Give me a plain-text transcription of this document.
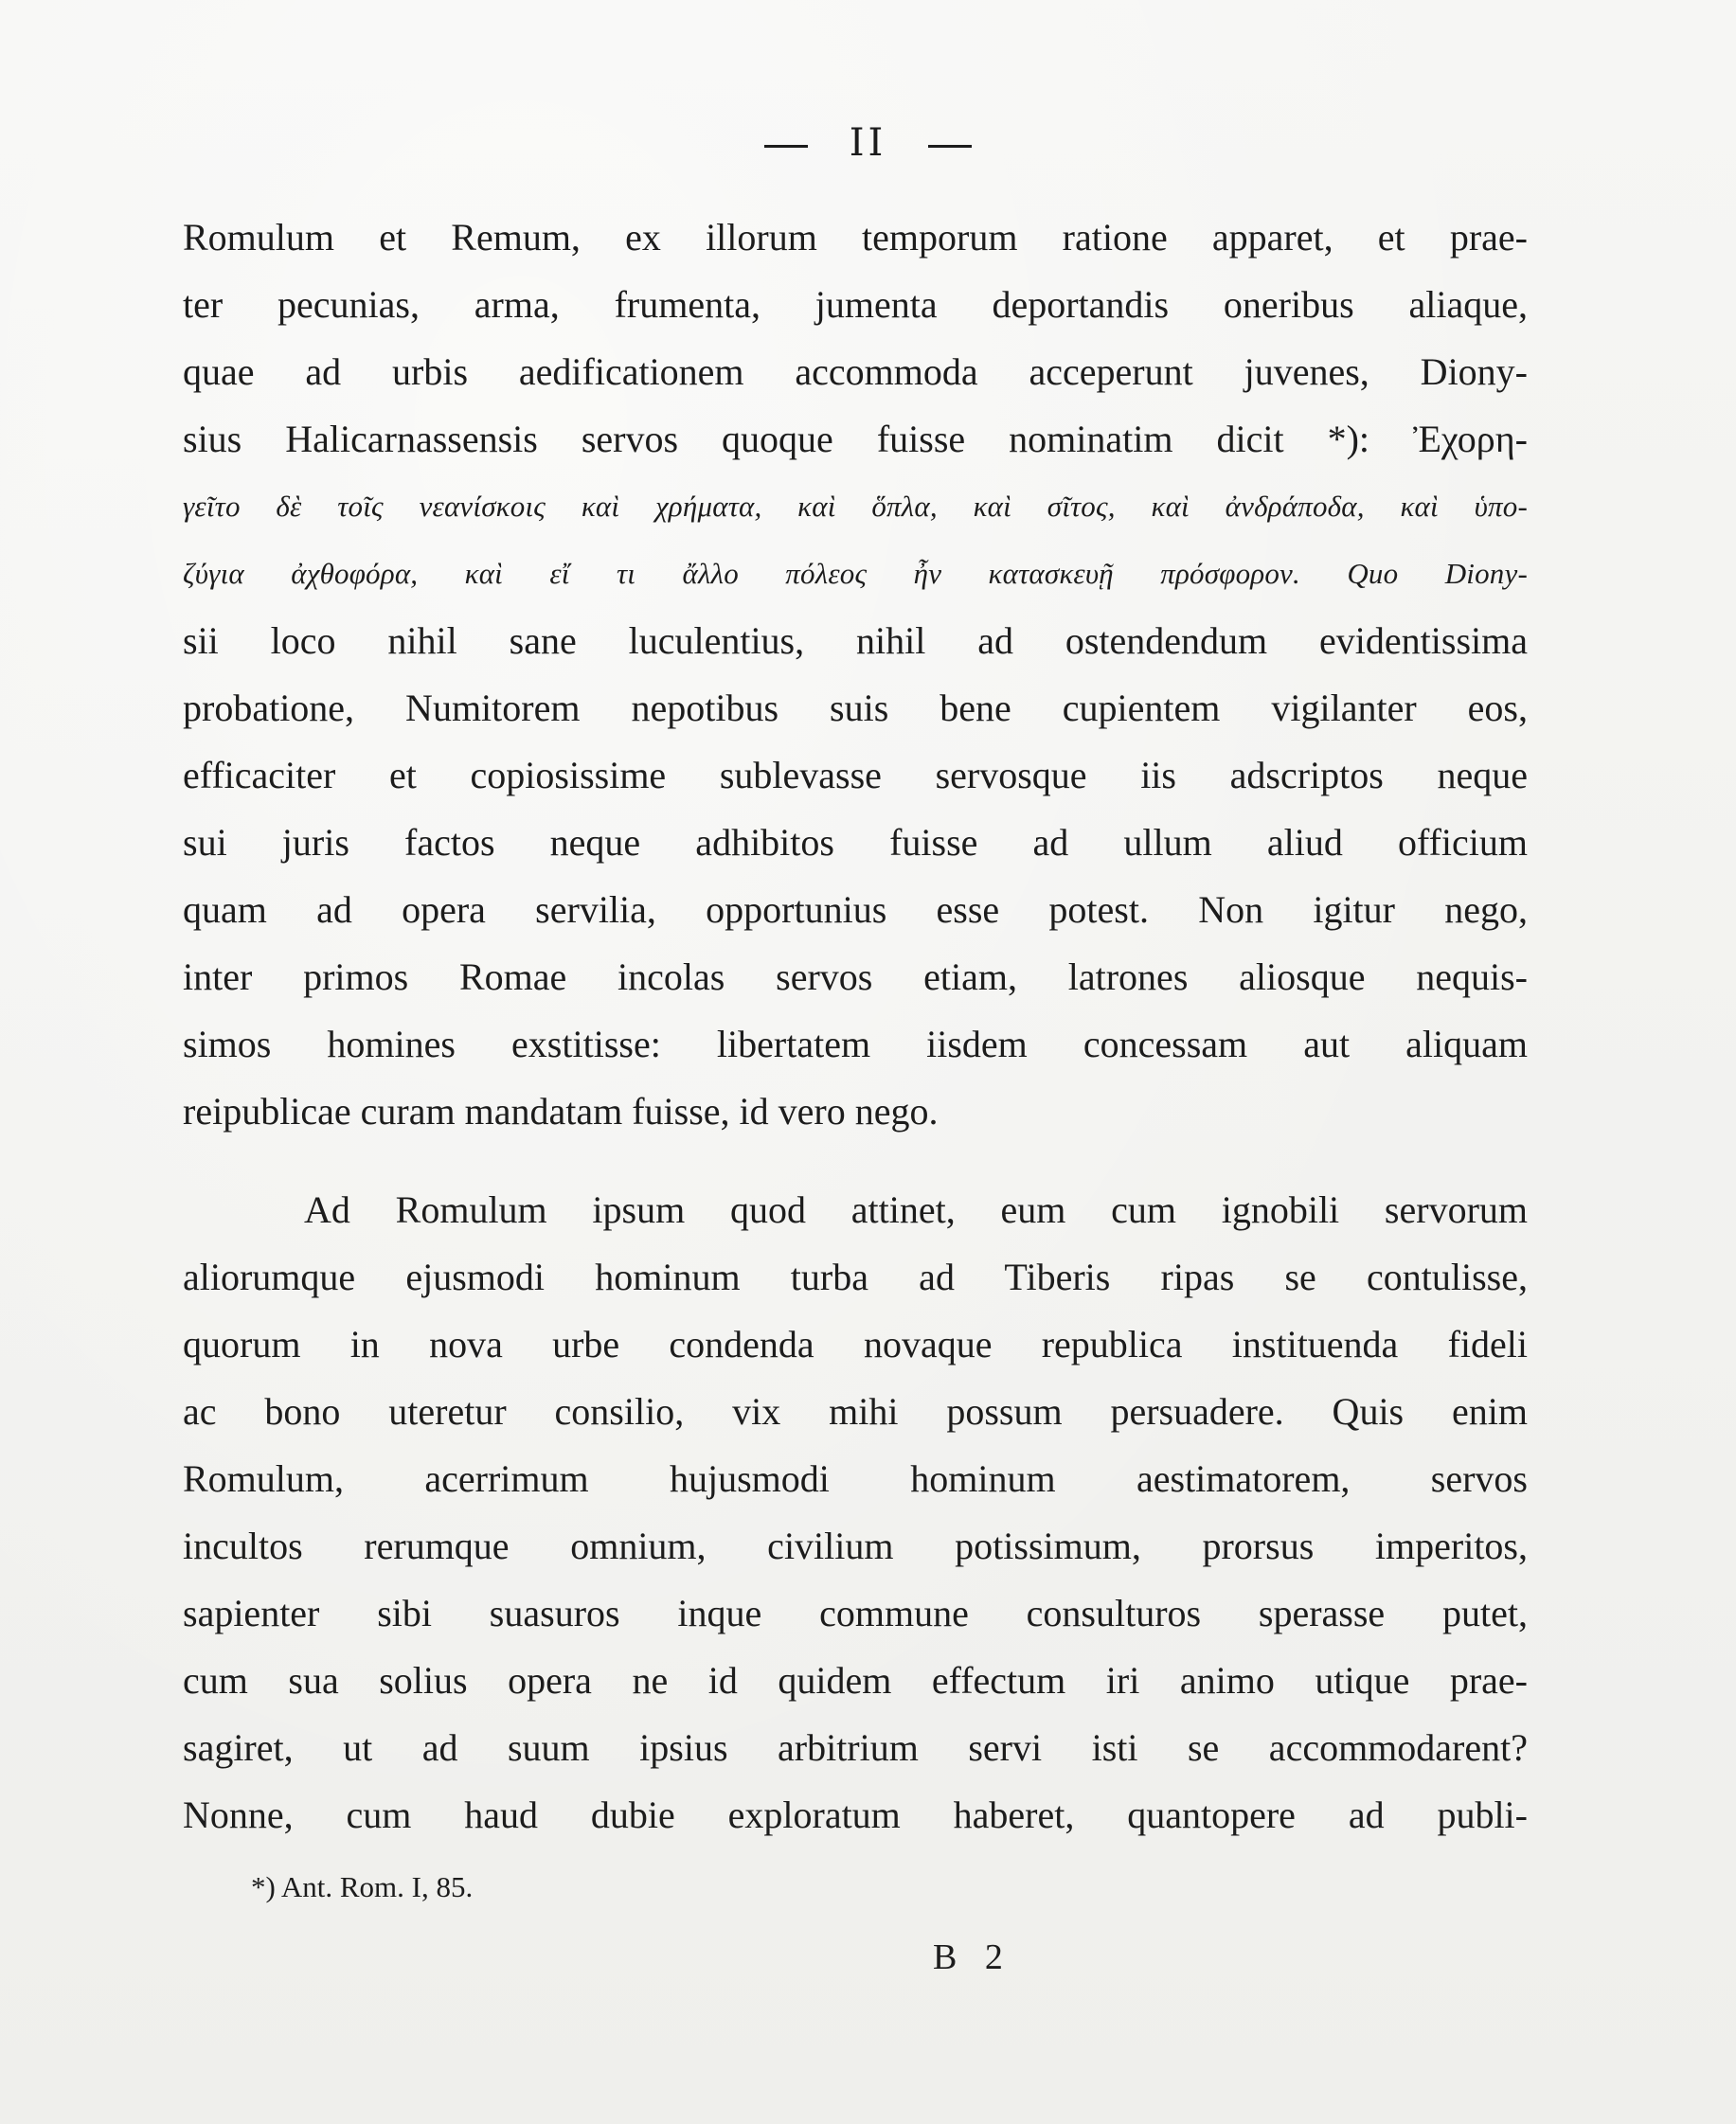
II
Romulum et Remum, ex illorum temporum ratione apparet, et prae-
ter pecunias, arma, frumenta, jumenta deportandis oneribus aliaque,
quae ad urbis aedificationem accommoda acceperunt juvenes, Diony-
sius Halicarnassensis servos quoque fuisse nominatim dicit *): Ἐχορη-
γεῖτο δὲ τοῖς νεανίσκοις καὶ χρήματα, καὶ ὅπλα, καὶ σῖτος, καὶ ἀνδράποδα, καὶ ὑπο-
ζύγια ἀχθοφόρα, καὶ εἴ τι ἄλλο πόλεος ἦν κατασκευῇ πρόσφορον. Quo Diony-
sii loco nihil sane luculentius, nihil ad ostendendum evidentissima
probatione, Numitorem nepotibus suis bene cupientem vigilanter eos,
efficaciter et copiosissime sublevasse servosque iis adscriptos neque
sui juris factos neque adhibitos fuisse ad ullum aliud officium
quam ad opera servilia, opportunius esse potest. Non igitur nego,
inter primos Romae incolas servos etiam, latrones aliosque nequis-
simos homines exstitisse: libertatem iisdem concessam aut aliquam
reipublicae curam mandatam fuisse, id vero nego.
Ad Romulum ipsum quod attinet, eum cum ignobili servorum
aliorumque ejusmodi hominum turba ad Tiberis ripas se contulisse,
quorum in nova urbe condenda novaque republica instituenda fideli
ac bono uteretur consilio, vix mihi possum persuadere. Quis enim
Romulum, acerrimum hujusmodi hominum aestimatorem, servos
incultos rerumque omnium, civilium potissimum, prorsus imperitos,
sapienter sibi suasuros inque commune consulturos sperasse putet,
cum sua solius opera ne id quidem effectum iri animo utique prae-
sagiret, ut ad suum ipsius arbitrium servi isti se accommodarent?
Nonne, cum haud dubie exploratum haberet, quantopere ad publi-
*) Ant. Rom. I, 85.
B 2
